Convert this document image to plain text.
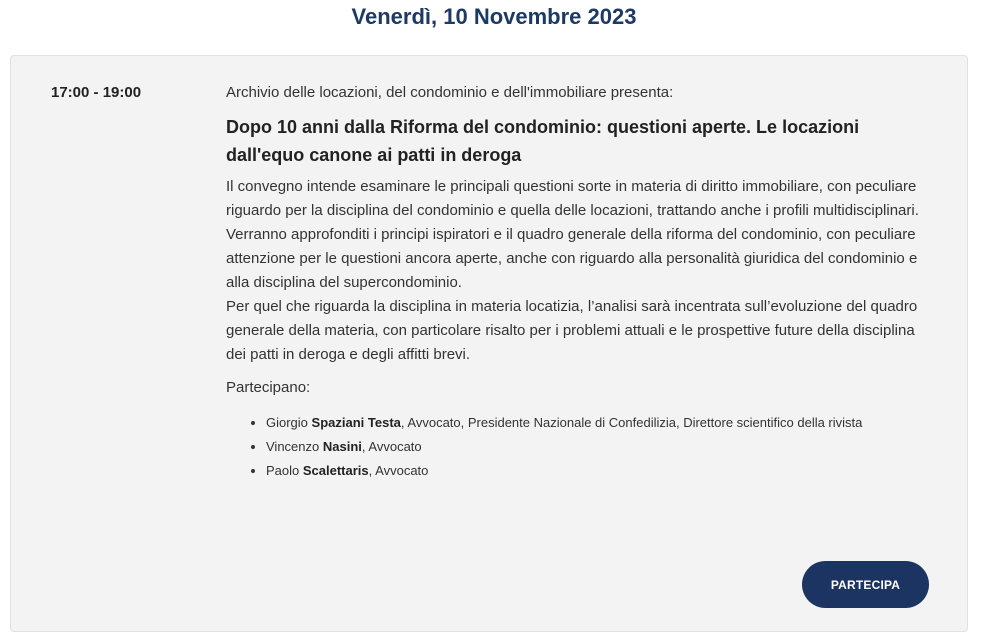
Venerdì, 10 Novembre 2023
17:00 - 19:00	Archivio delle locazioni, del condominio e dell'immobiliare presenta:

Dopo 10 anni dalla Riforma del condominio: questioni aperte. Le locazioni dall'equo canone ai patti in deroga

Il convegno intende esaminare le principali questioni sorte in materia di diritto immobiliare, con peculiare riguardo per la disciplina del condominio e quella delle locazioni, trattando anche i profili multidisciplinari.

Verranno approfonditi i principi ispiratori e il quadro generale della riforma del condominio, con peculiare attenzione per le questioni ancora aperte, anche con riguardo alla personalità giuridica del condominio e alla disciplina del supercondominio.

Per quel che riguarda la disciplina in materia locatizia, l’analisi sarà incentrata sull’evoluzione del quadro generale della materia, con particolare risalto per i problemi attuali e le prospettive future della disciplina dei patti in deroga e degli affitti brevi.

Partecipano:

• Giorgio Spaziani Testa, Avvocato, Presidente Nazionale di Confedilizia, Direttore scientifico della rivista
• Vincenzo Nasini, Avvocato
• Paolo Scalettaris, Avvocato
PARTECIPA
